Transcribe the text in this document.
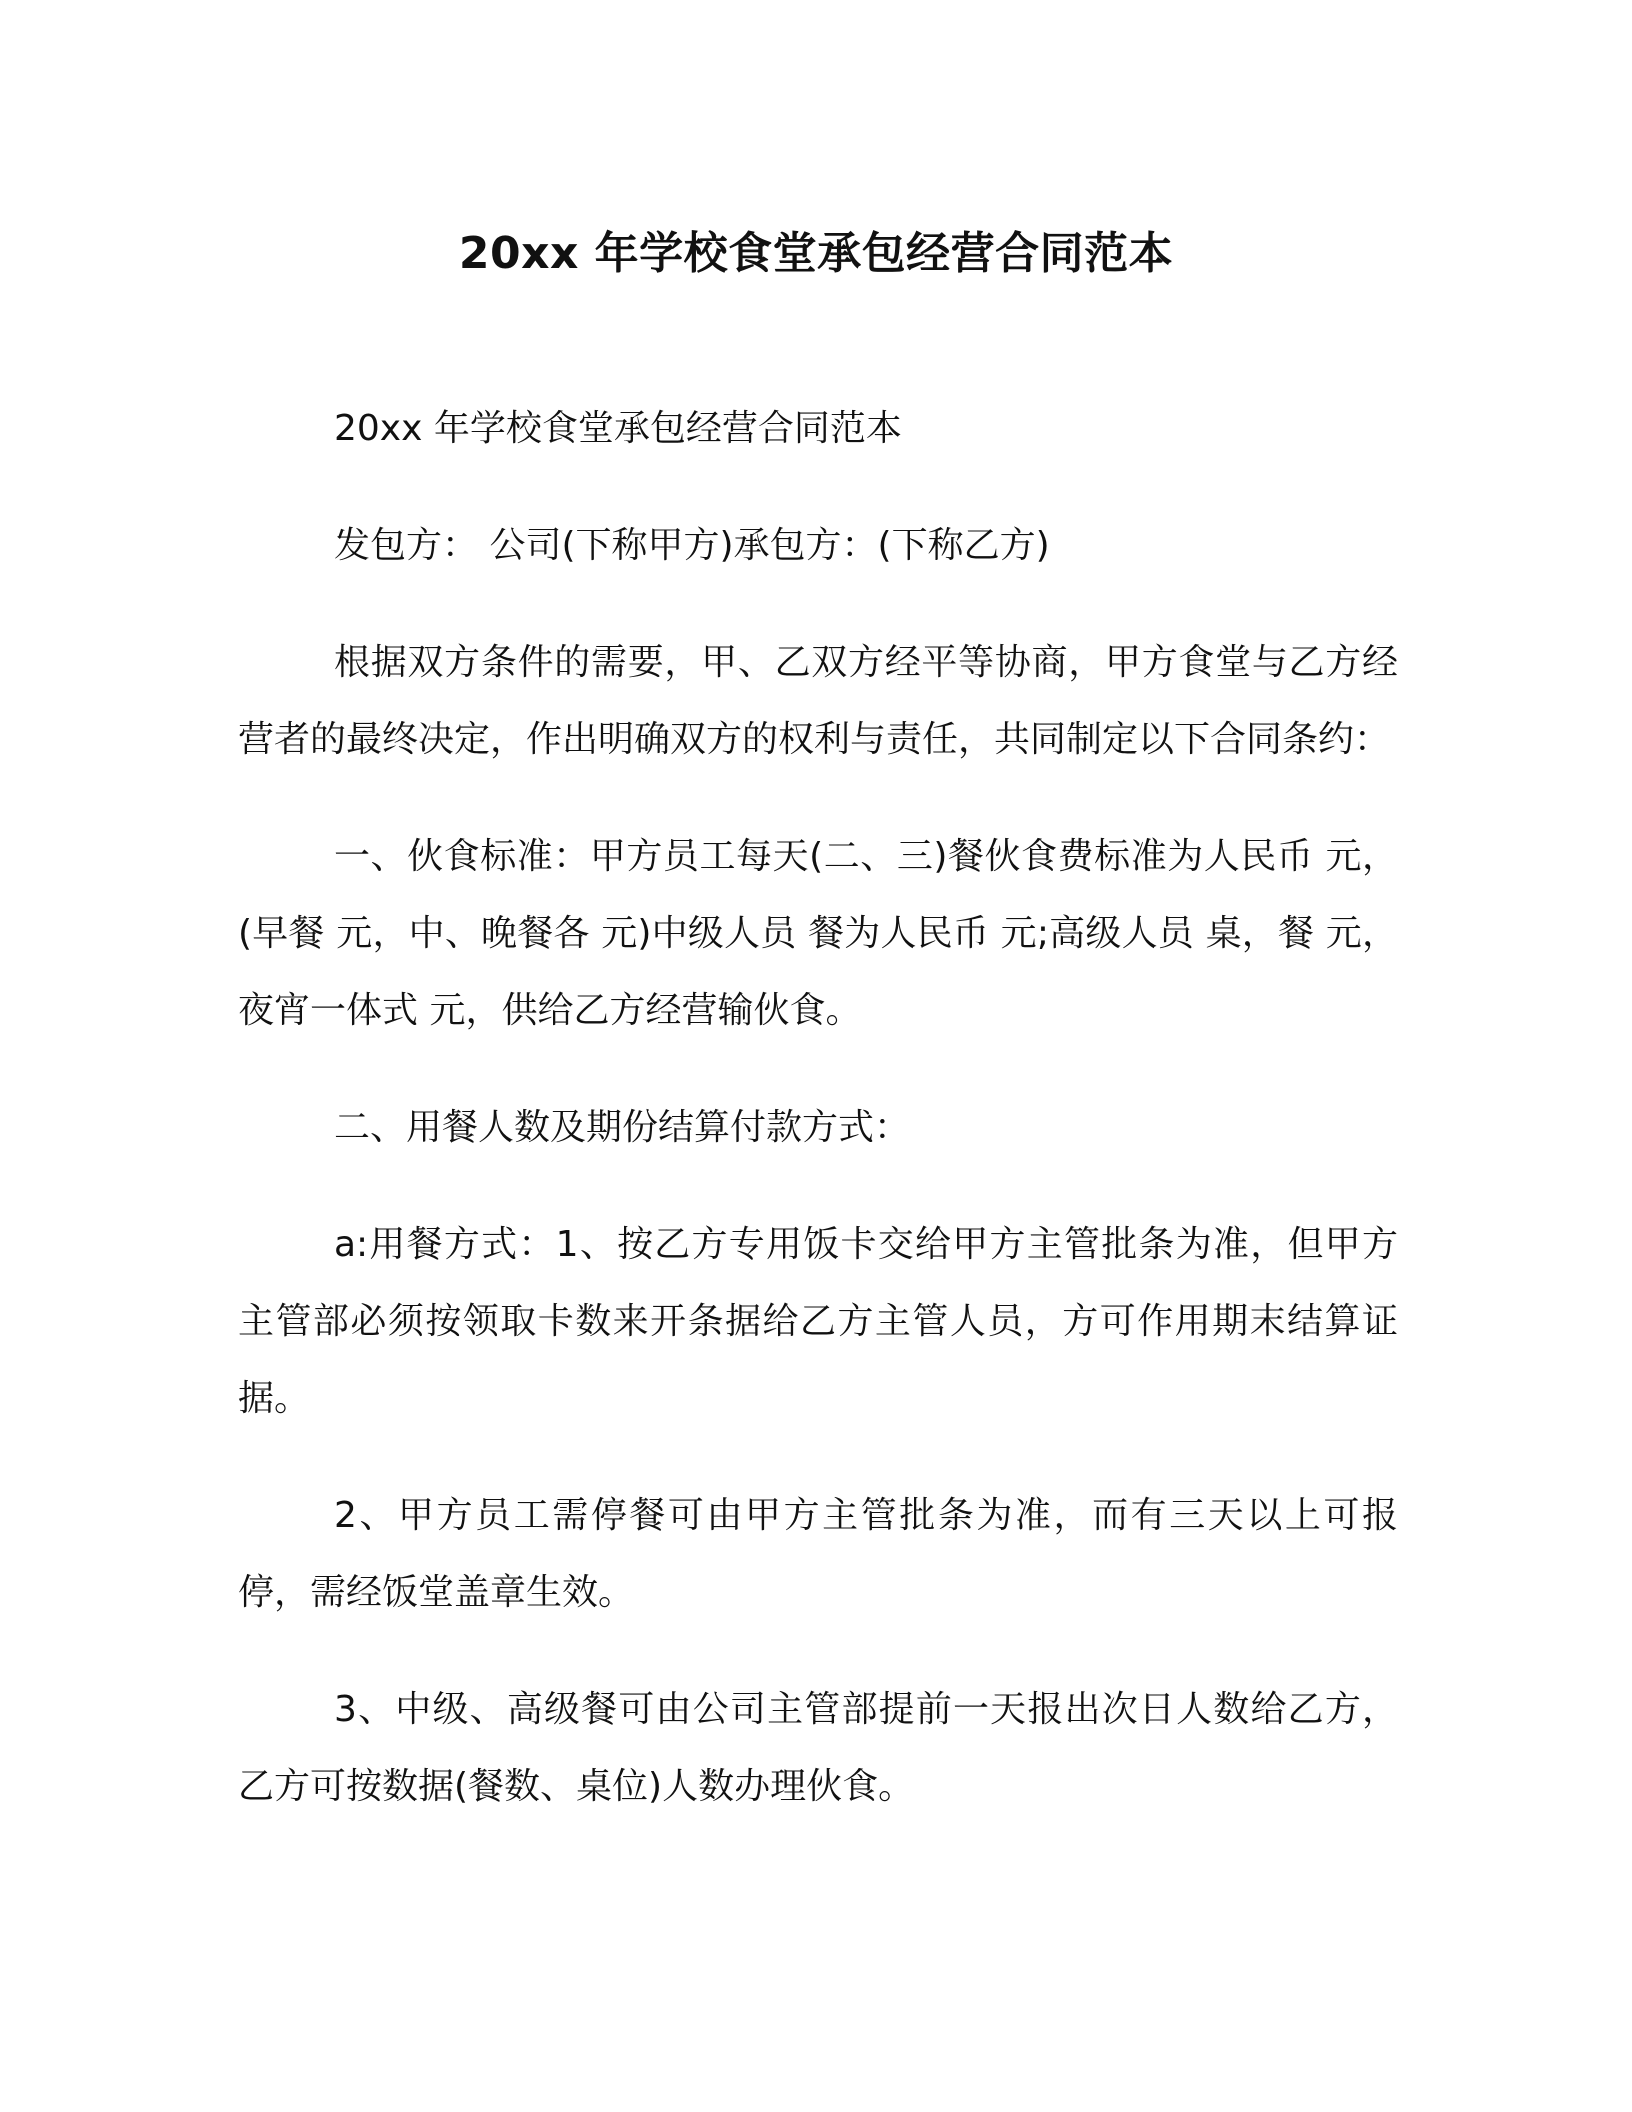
20xx 年学校食堂承包经营合同范本

20xx 年学校食堂承包经营合同范本

发包方： 公司(下称甲方)承包方：(下称乙方)

根据双方条件的需要，甲、乙双方经平等协商，甲方食堂与乙方经营者的最终决定，作出明确双方的权利与责任，共同制定以下合同条约：

一、伙食标准：甲方员工每天(二、三)餐伙食费标准为人民币 元，(早餐 元，中、晚餐各 元)中级人员 餐为人民币 元;高级人员 桌，餐 元，夜宵一体式 元，供给乙方经营输伙食。

二、用餐人数及期份结算付款方式：

a:用餐方式：1、按乙方专用饭卡交给甲方主管批条为准，但甲方主管部必须按领取卡数来开条据给乙方主管人员，方可作用期末结算证据。

2、甲方员工需停餐可由甲方主管批条为准，而有三天以上可报停，需经饭堂盖章生效。

3、中级、高级餐可由公司主管部提前一天报出次日人数给乙方，乙方可按数据(餐数、桌位)人数办理伙食。
